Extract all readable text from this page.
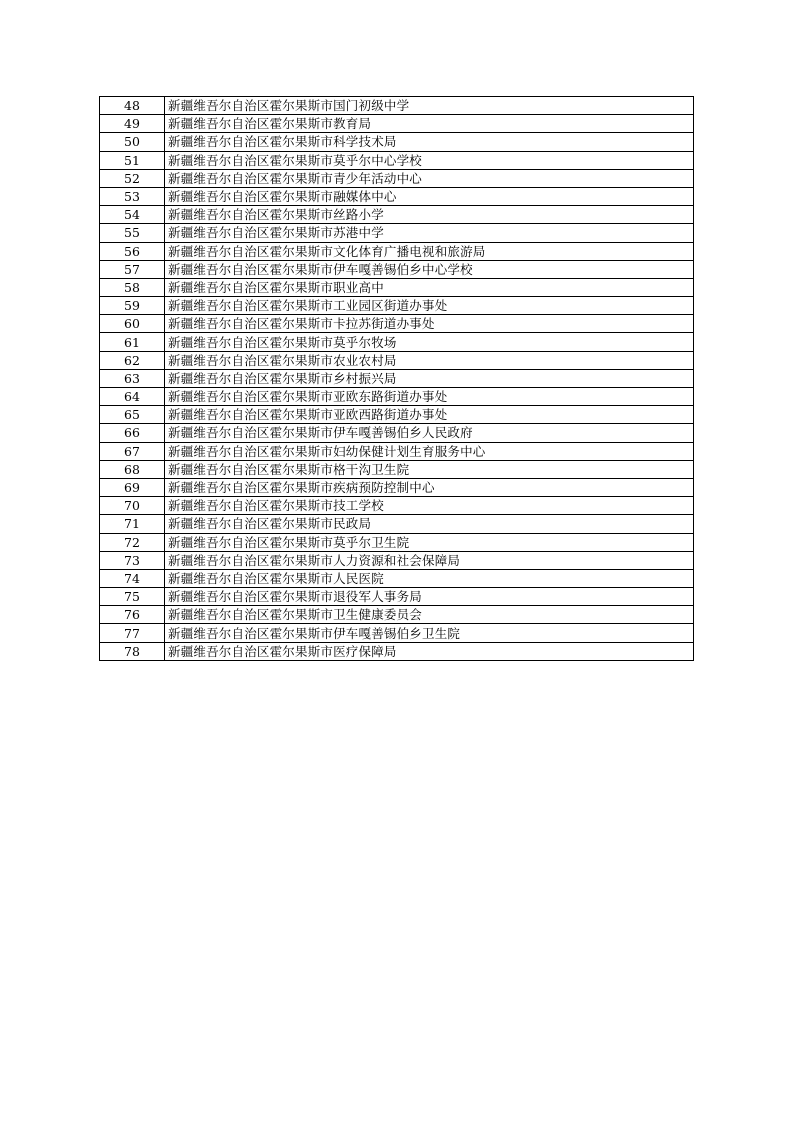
48	新疆维吾尔自治区霍尔果斯市国门初级中学
49	新疆维吾尔自治区霍尔果斯市教育局
50	新疆维吾尔自治区霍尔果斯市科学技术局
51	新疆维吾尔自治区霍尔果斯市莫乎尔中心学校
52	新疆维吾尔自治区霍尔果斯市青少年活动中心
53	新疆维吾尔自治区霍尔果斯市融媒体中心
54	新疆维吾尔自治区霍尔果斯市丝路小学
55	新疆维吾尔自治区霍尔果斯市苏港中学
56	新疆维吾尔自治区霍尔果斯市文化体育广播电视和旅游局
57	新疆维吾尔自治区霍尔果斯市伊车嘎善锡伯乡中心学校
58	新疆维吾尔自治区霍尔果斯市职业高中
59	新疆维吾尔自治区霍尔果斯市工业园区街道办事处
60	新疆维吾尔自治区霍尔果斯市卡拉苏街道办事处
61	新疆维吾尔自治区霍尔果斯市莫乎尔牧场
62	新疆维吾尔自治区霍尔果斯市农业农村局
63	新疆维吾尔自治区霍尔果斯市乡村振兴局
64	新疆维吾尔自治区霍尔果斯市亚欧东路街道办事处
65	新疆维吾尔自治区霍尔果斯市亚欧西路街道办事处
66	新疆维吾尔自治区霍尔果斯市伊车嘎善锡伯乡人民政府
67	新疆维吾尔自治区霍尔果斯市妇幼保健计划生育服务中心
68	新疆维吾尔自治区霍尔果斯市格干沟卫生院
69	新疆维吾尔自治区霍尔果斯市疾病预防控制中心
70	新疆维吾尔自治区霍尔果斯市技工学校
71	新疆维吾尔自治区霍尔果斯市民政局
72	新疆维吾尔自治区霍尔果斯市莫乎尔卫生院
73	新疆维吾尔自治区霍尔果斯市人力资源和社会保障局
74	新疆维吾尔自治区霍尔果斯市人民医院
75	新疆维吾尔自治区霍尔果斯市退役军人事务局
76	新疆维吾尔自治区霍尔果斯市卫生健康委员会
77	新疆维吾尔自治区霍尔果斯市伊车嘎善锡伯乡卫生院
78	新疆维吾尔自治区霍尔果斯市医疗保障局
